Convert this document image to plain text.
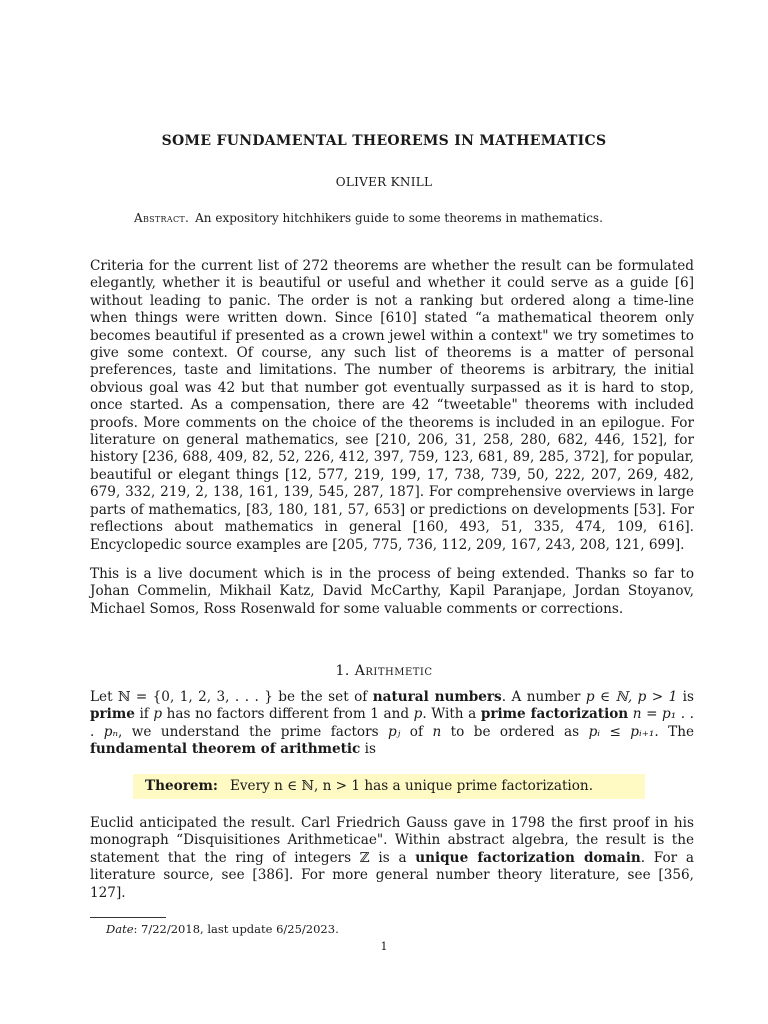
SOME FUNDAMENTAL THEOREMS IN MATHEMATICS
OLIVER KNILL
Abstract. An expository hitchhikers guide to some theorems in mathematics.
Criteria for the current list of 272 theorems are whether the result can be formulated elegantly, whether it is beautiful or useful and whether it could serve as a guide [6] without leading to panic. The order is not a ranking but ordered along a time-line when things were written down. Since [610] stated “a mathematical theorem only becomes beautiful if presented as a crown jewel within a context" we try sometimes to give some context. Of course, any such list of theorems is a matter of personal preferences, taste and limitations. The number of theorems is arbitrary, the initial obvious goal was 42 but that number got eventually surpassed as it is hard to stop, once started. As a compensation, there are 42 “tweetable" theorems with included proofs. More comments on the choice of the theorems is included in an epilogue. For literature on general mathematics, see [210, 206, 31, 258, 280, 682, 446, 152], for history [236, 688, 409, 82, 52, 226, 412, 397, 759, 123, 681, 89, 285, 372], for popular, beautiful or elegant things [12, 577, 219, 199, 17, 738, 739, 50, 222, 207, 269, 482, 679, 332, 219, 2, 138, 161, 139, 545, 287, 187]. For comprehensive overviews in large parts of mathematics, [83, 180, 181, 57, 653] or predictions on developments [53]. For reflections about mathematics in general [160, 493, 51, 335, 474, 109, 616]. Encyclopedic source examples are [205, 775, 736, 112, 209, 167, 243, 208, 121, 699].
This is a live document which is in the process of being extended. Thanks so far to Johan Commelin, Mikhail Katz, David McCarthy, Kapil Paranjape, Jordan Stoyanov, Michael Somos, Ross Rosenwald for some valuable comments or corrections.
1. Arithmetic
Let ℕ = {0, 1, 2, 3, . . . } be the set of natural numbers. A number p ∈ ℕ, p > 1 is prime if p has no factors different from 1 and p. With a prime factorization n = p₁ . . . pₙ, we understand the prime factors pⱼ of n to be ordered as pᵢ ≤ pᵢ₊₁. The fundamental theorem of arithmetic is
Theorem: Every n ∈ ℕ, n > 1 has a unique prime factorization.
Euclid anticipated the result. Carl Friedrich Gauss gave in 1798 the first proof in his monograph “Disquisitiones Arithmeticae". Within abstract algebra, the result is the statement that the ring of integers ℤ is a unique factorization domain. For a literature source, see [386]. For more general number theory literature, see [356, 127].
Date: 7/22/2018, last update 6/25/2023.
1
